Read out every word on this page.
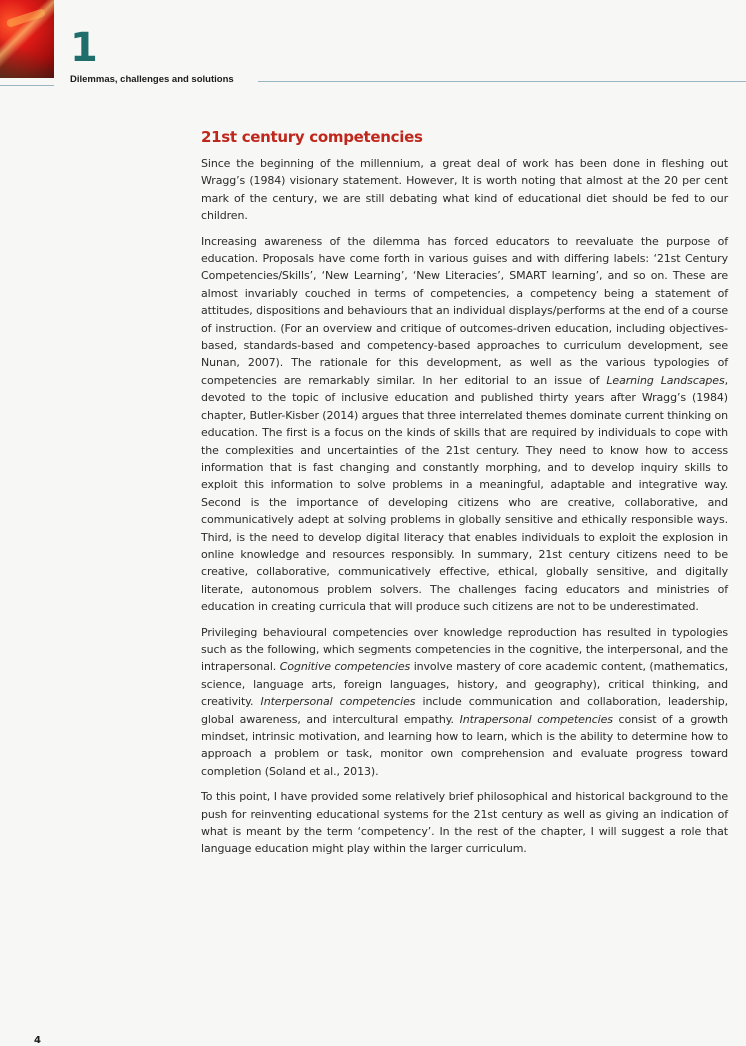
1
Dilemmas, challenges and solutions
21st century competencies

Since the beginning of the millennium, a great deal of work has been done in fleshing out Wragg’s (1984) visionary statement. However, It is worth noting that almost at the 20 per cent mark of the century, we are still debating what kind of educational diet should be fed to our children.

Increasing awareness of the dilemma has forced educators to reevaluate the purpose of education. Proposals have come forth in various guises and with differing labels: ‘21st Century Competencies/Skills’, ‘New Learning’, ‘New Literacies’, SMART learning’, and so on. These are almost invariably couched in terms of competencies, a competency being a statement of attitudes, dispositions and behaviours that an individual displays/performs at the end of a course of instruction. (For an overview and critique of outcomes-driven education, including objectives-based, standards-based and competency-based approaches to curriculum development, see Nunan, 2007). The rationale for this development, as well as the various typologies of competencies are remarkably similar. In her editorial to an issue of Learning Landscapes, devoted to the topic of inclusive education and published thirty years after Wragg’s (1984) chapter, Butler-Kisber (2014) argues that three interrelated themes dominate current thinking on education. The first is a focus on the kinds of skills that are required by individuals to cope with the complexities and uncertainties of the 21st century. They need to know how to access information that is fast changing and constantly morphing, and to develop inquiry skills to exploit this information to solve problems in a meaningful, adaptable and integrative way. Second is the importance of developing citizens who are creative, collaborative, and communicatively adept at solving problems in globally sensitive and ethically responsible ways. Third, is the need to develop digital literacy that enables individuals to exploit the explosion in online knowledge and resources responsibly. In summary, 21st century citizens need to be creative, collaborative, communicatively effective, ethical, globally sensitive, and digitally literate, autonomous problem solvers. The challenges facing educators and ministries of education in creating curricula that will produce such citizens are not to be underestimated.

Privileging behavioural competencies over knowledge reproduction has resulted in typologies such as the following, which segments competencies in the cognitive, the interpersonal, and the intrapersonal. Cognitive competencies involve mastery of core academic content, (mathematics, science, language arts, foreign languages, history, and geography), critical thinking, and creativity. Interpersonal competencies include communication and collaboration, leadership, global awareness, and intercultural empathy. Intrapersonal competencies consist of a growth mindset, intrinsic motivation, and learning how to learn, which is the ability to determine how to approach a problem or task, monitor own comprehension and evaluate progress toward completion (Soland et al., 2013).

To this point, I have provided some relatively brief philosophical and historical background to the push for reinventing educational systems for the 21st century as well as giving an indication of what is meant by the term ‘competency’. In the rest of the chapter, I will suggest a role that language education might play within the larger curriculum.

4
